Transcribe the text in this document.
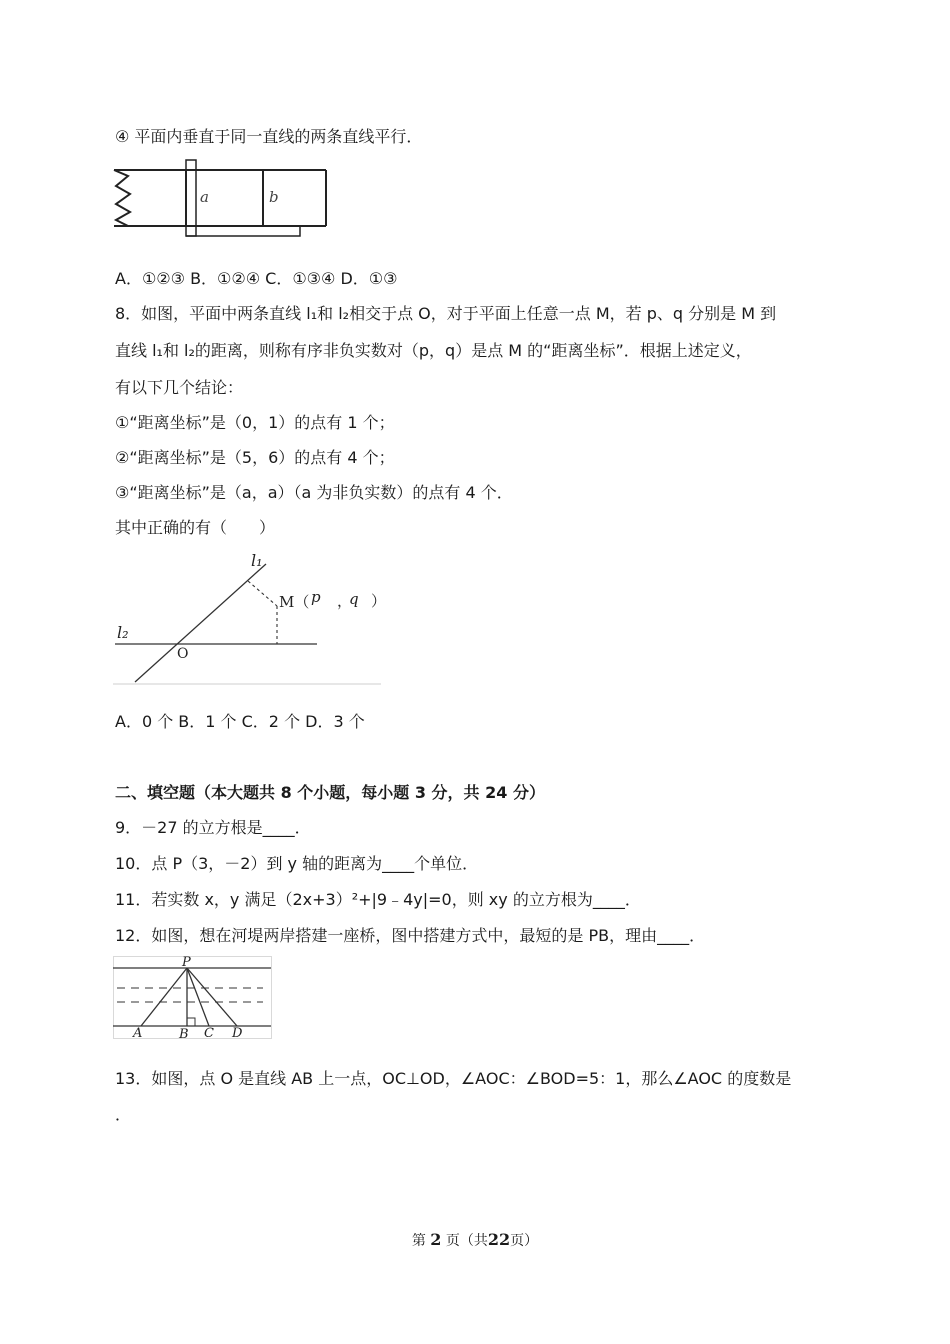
④ 平面内垂直于同一直线的两条直线平行．
a	b
A．①②③ B．①②④ C．①③④ D．①③
8．如图，平面中两条直线 l₁和 l₂相交于点 O，对于平面上任意一点 M，若 p、q 分别是 M 到
直线 l₁和 l₂的距离，则称有序非负实数对（p，q）是点 M 的“距离坐标”．根据上述定义，
有以下几个结论：
①“距离坐标”是（0，1）的点有 1 个；
②“距离坐标”是（5，6）的点有 4 个；
③“距离坐标”是（a，a）（a 为非负实数）的点有 4 个．
其中正确的有（　　）
l₁
l₂
M（ p ，
q ）
O
A．0 个 B．1 个 C．2 个 D．3 个
二、填空题（本大题共 8 个小题，每小题 3 分，共 24 分）
9．－27 的立方根是____．
10．点 P（3，－2）到 y 轴的距离为____个单位．
11．若实数 x，y 满足（2x+3）²+|9﹣4y|=0，则 xy 的立方根为____．
12．如图，想在河堤两岸搭建一座桥，图中搭建方式中，最短的是 PB，理由____．
P
A	B C D
13．如图，点 O 是直线 AB 上一点，OC⊥OD，∠AOC：∠BOD=5：1，那么∠AOC 的度数是
．
第 2 页（共22页）
